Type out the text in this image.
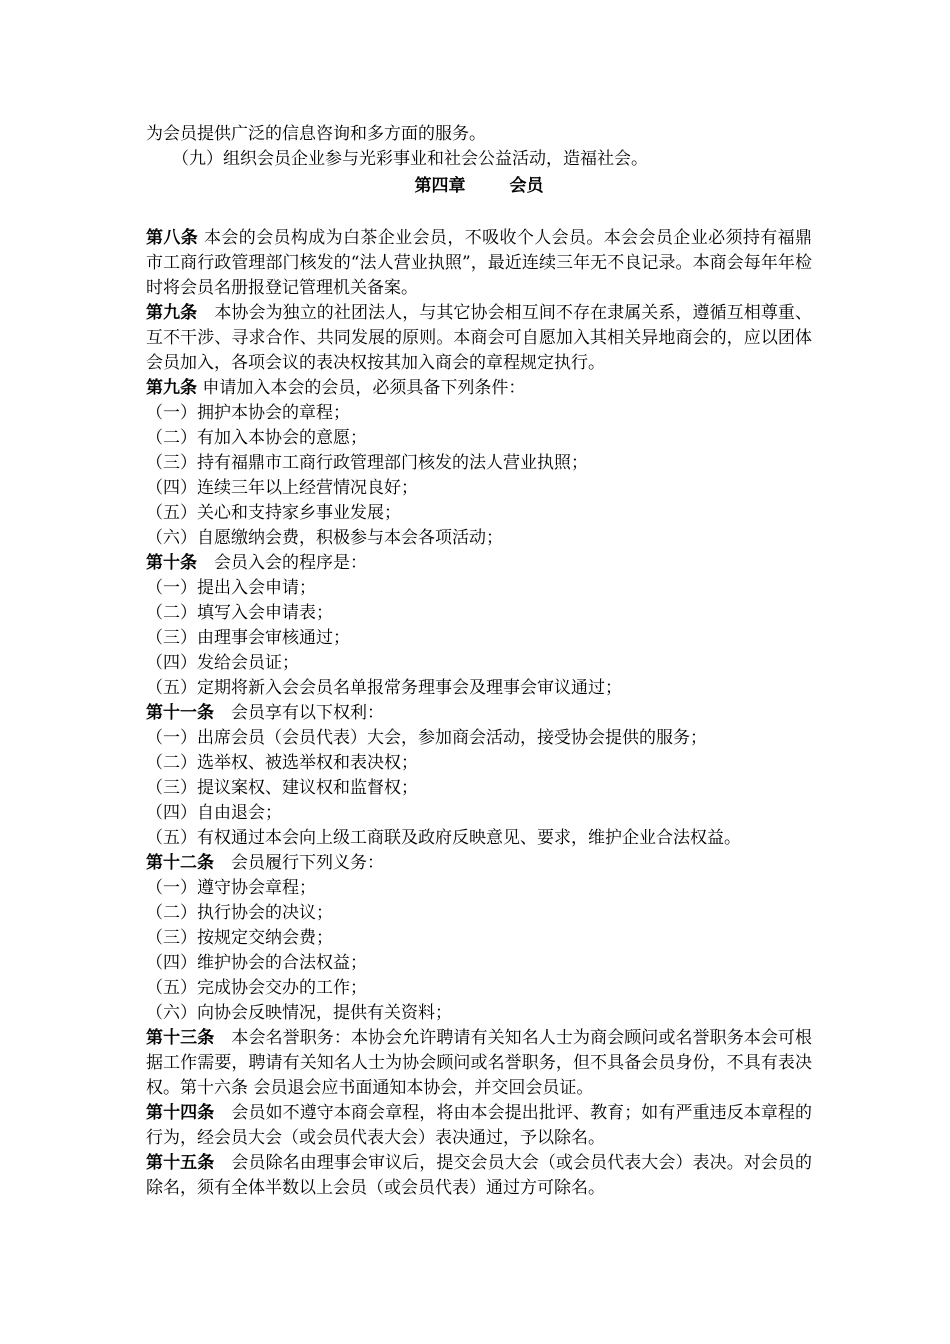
为会员提供广泛的信息咨询和多方面的服务。

（九）组织会员企业参与光彩事业和社会公益活动，造福社会。

第四章	会员

第八条 本会的会员构成为白茶企业会员，不吸收个人会员。本会会员企业必须持有福鼎市工商行政管理部门核发的“法人营业执照”，最近连续三年无不良记录。本商会每年年检时将会员名册报登记管理机关备案。

第九条　本协会为独立的社团法人，与其它协会相互间不存在隶属关系，遵循互相尊重、互不干涉、寻求合作、共同发展的原则。本商会可自愿加入其相关异地商会的，应以团体会员加入，各项会议的表决权按其加入商会的章程规定执行。

第九条 申请加入本会的会员，必须具备下列条件：

（一）拥护本协会的章程；

（二）有加入本协会的意愿；

（三）持有福鼎市工商行政管理部门核发的法人营业执照；

（四）连续三年以上经营情况良好；

（五）关心和支持家乡事业发展；

（六）自愿缴纳会费，积极参与本会各项活动；

第十条　会员入会的程序是：

（一）提出入会申请；

（二）填写入会申请表；

（三）由理事会审核通过；

（四）发给会员证；

（五）定期将新入会会员名单报常务理事会及理事会审议通过；

第十一条　会员享有以下权利：

（一）出席会员（会员代表）大会，参加商会活动，接受协会提供的服务；

（二）选举权、被选举权和表决权；

（三）提议案权、建议权和监督权；

（四）自由退会；

（五）有权通过本会向上级工商联及政府反映意见、要求，维护企业合法权益。

第十二条　会员履行下列义务：

（一）遵守协会章程；

（二）执行协会的决议；

（三）按规定交纳会费；

（四）维护协会的合法权益；

（五）完成协会交办的工作；

（六）向协会反映情况，提供有关资料；

第十三条　本会名誉职务：本协会允许聘请有关知名人士为商会顾问或名誉职务本会可根据工作需要，聘请有关知名人士为协会顾问或名誉职务，但不具备会员身份，不具有表决权。第十六条 会员退会应书面通知本协会，并交回会员证。

第十四条　会员如不遵守本商会章程，将由本会提出批评、教育；如有严重违反本章程的行为，经会员大会（或会员代表大会）表决通过，予以除名。

第十五条　会员除名由理事会审议后，提交会员大会（或会员代表大会）表决。对会员的除名，须有全体半数以上会员（或会员代表）通过方可除名。
